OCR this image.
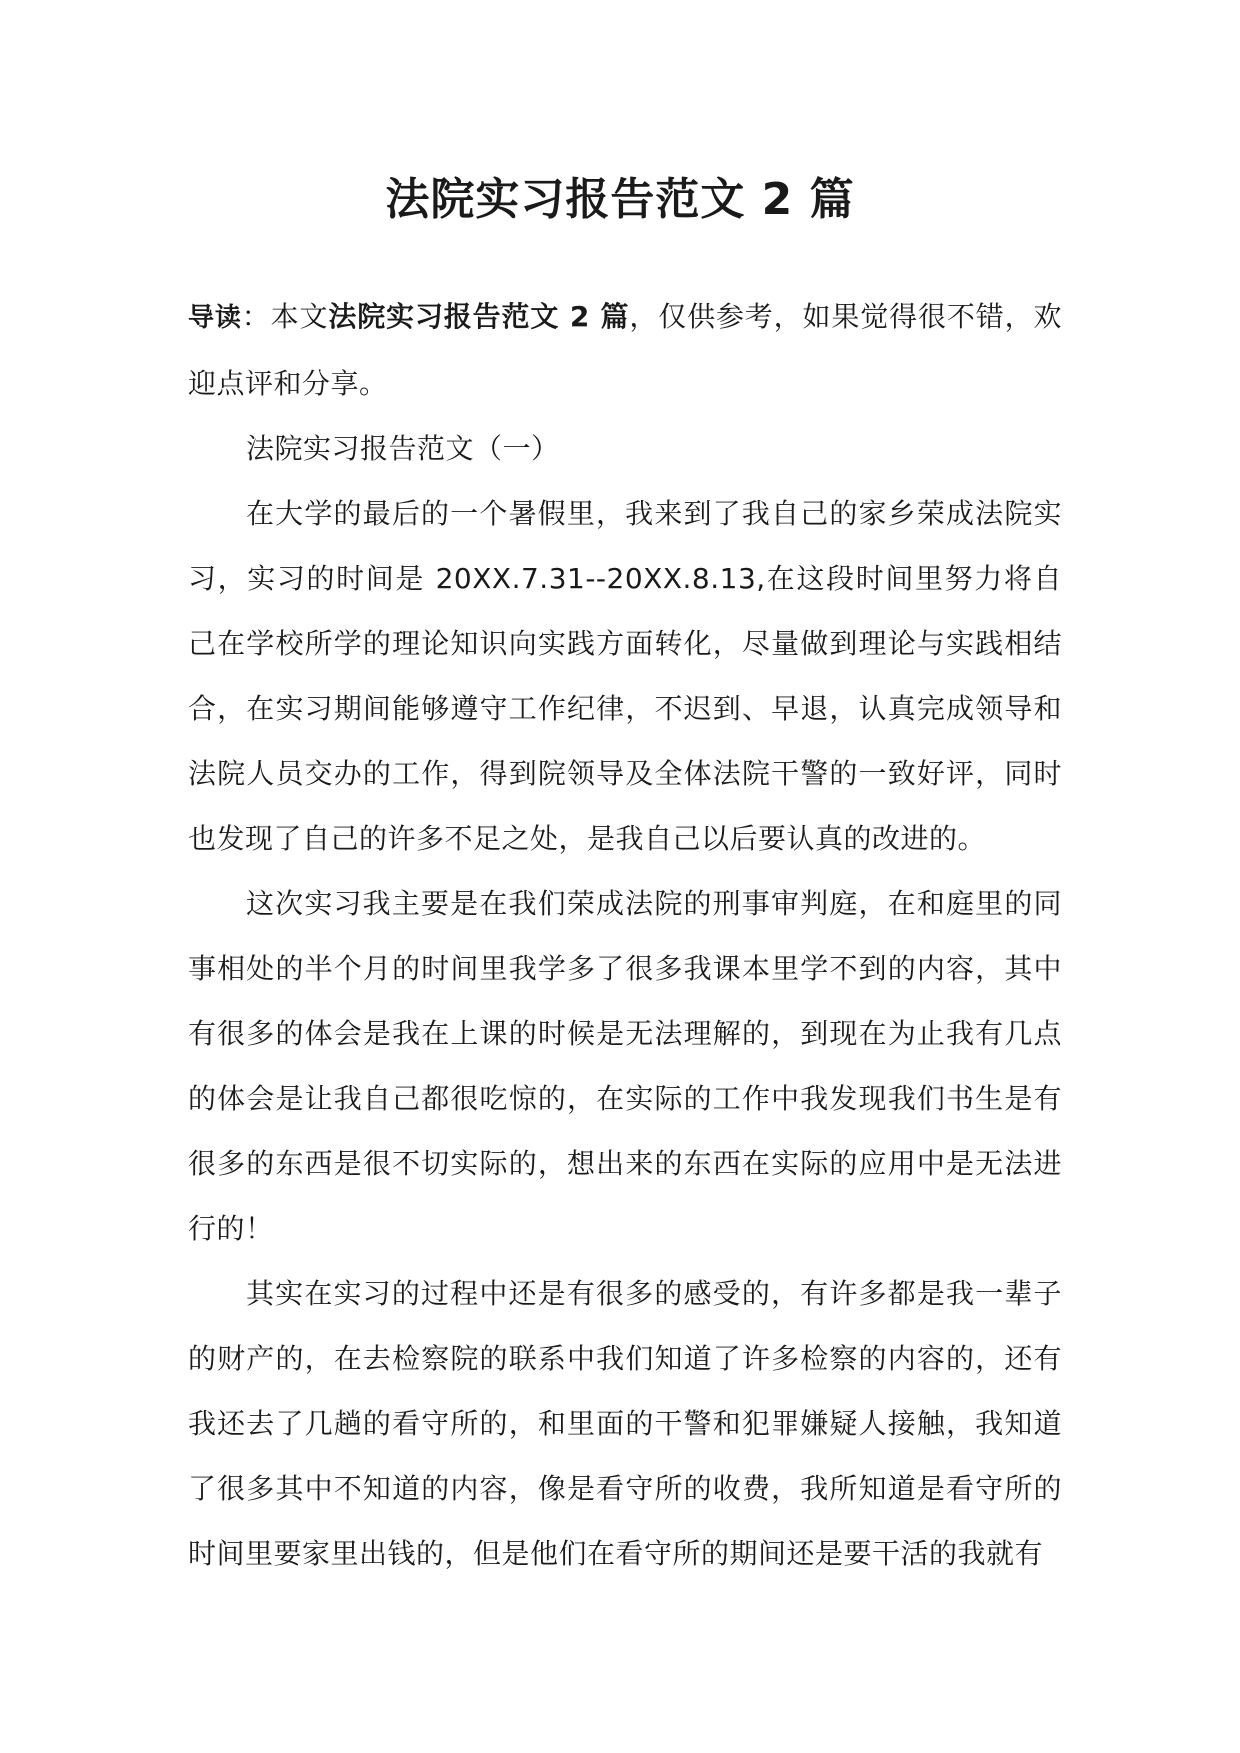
法院实习报告范文 2 篇

导读：本文法院实习报告范文 2 篇，仅供参考，如果觉得很不错，欢迎点评和分享。

法院实习报告范文（一）

在大学的最后的一个暑假里，我来到了我自己的家乡荣成法院实习，实习的时间是 20XX.7.31--20XX.8.13,在这段时间里努力将自己在学校所学的理论知识向实践方面转化，尽量做到理论与实践相结合，在实习期间能够遵守工作纪律，不迟到、早退，认真完成领导和法院人员交办的工作，得到院领导及全体法院干警的一致好评，同时也发现了自己的许多不足之处，是我自己以后要认真的改进的。

这次实习我主要是在我们荣成法院的刑事审判庭，在和庭里的同事相处的半个月的时间里我学多了很多我课本里学不到的内容，其中有很多的体会是我在上课的时候是无法理解的，到现在为止我有几点的体会是让我自己都很吃惊的，在实际的工作中我发现我们书生是有很多的东西是很不切实际的，想出来的东西在实际的应用中是无法进行的！

其实在实习的过程中还是有很多的感受的，有许多都是我一辈子的财产的，在去检察院的联系中我们知道了许多检察的内容的，还有我还去了几趟的看守所的，和里面的干警和犯罪嫌疑人接触，我知道了很多其中不知道的内容，像是看守所的收费，我所知道是看守所的时间里要家里出钱的，但是他们在看守所的期间还是要干活的我就有
